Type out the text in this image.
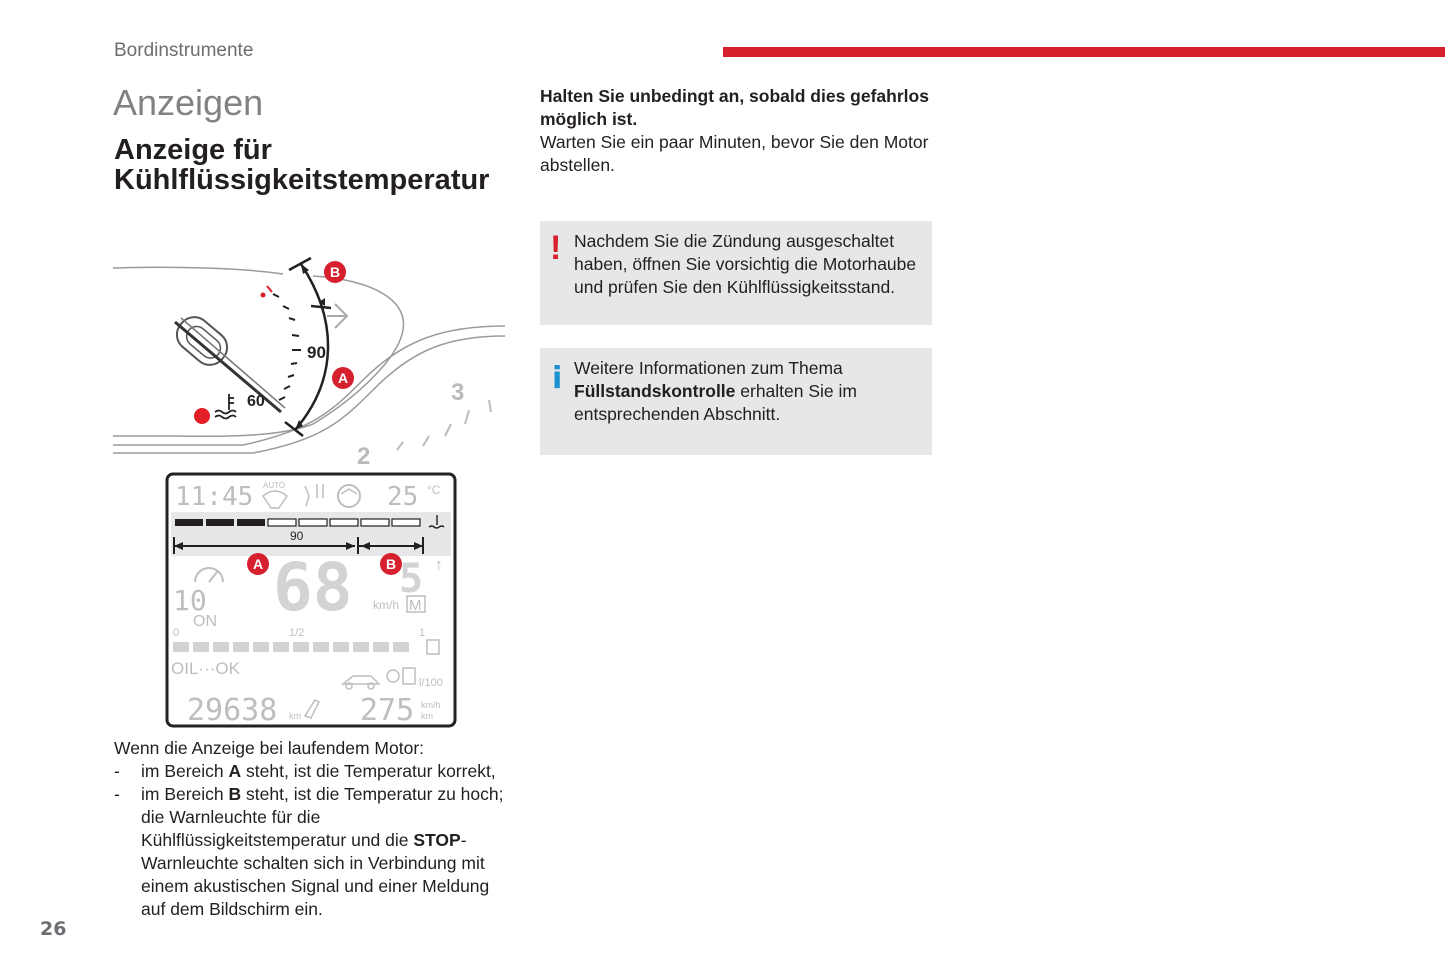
Bordinstrumente
Anzeigen
Anzeige für
Kühlflüssigkeitstemperatur
B
A
90
60	3
2
11:45 AUTO	25 °C
90
A	B
68 5 ↑
km/h M
10
ON
0	1/2	1
OIL···OK
l/100
29638 km 275 km/h
km
Wenn die Anzeige bei laufendem Motor:
- im Bereich A steht, ist die Temperatur korrekt,
- im Bereich B steht, ist die Temperatur zu hoch; die Warnleuchte für die Kühlflüssigkeitstemperatur und die STOP-Warnleuchte schalten sich in Verbindung mit einem akustischen Signal und einer Meldung auf dem Bildschirm ein.
26
Halten Sie unbedingt an, sobald dies gefahrlos möglich ist.
Warten Sie ein paar Minuten, bevor Sie den Motor abstellen.
! Nachdem Sie die Zündung ausgeschaltet haben, öffnen Sie vorsichtig die Motorhaube und prüfen Sie den Kühlflüssigkeitsstand.
i Weitere Informationen zum Thema Füllstandskontrolle erhalten Sie im entsprechenden Abschnitt.
